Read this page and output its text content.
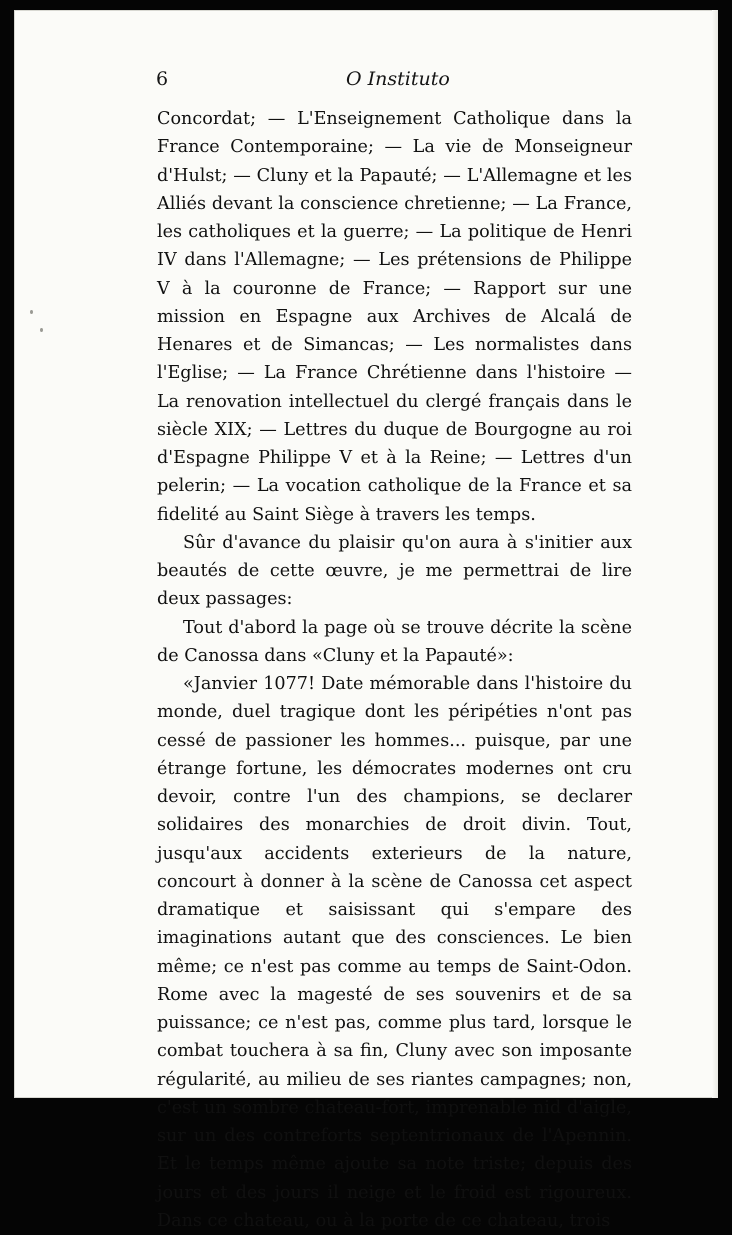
6	O Instituto

Concordat; — L'Enseignement Catholique dans la France Contemporaine; — La vie de Monseigneur d'Hulst; — Cluny et la Papauté; — L'Allemagne et les Alliés devant la conscience chretienne; — La France, les catholiques et la guerre; — La politique de Henri IV dans l'Allemagne; — Les prétensions de Philippe V à la couronne de France; — Rapport sur une mission en Espagne aux Archives de Alcalá de Henares et de Simancas; — Les normalistes dans l'Eglise; — La France Chrétienne dans l'histoire — La renovation intellectuel du clergé français dans le siècle XIX; — Lettres du duque de Bourgogne au roi d'Espagne Philippe V et à la Reine; — Lettres d'un pelerin; — La vocation catholique de la France et sa fidelité au Saint Siège à travers les temps.

Sûr d'avance du plaisir qu'on aura à s'initier aux beautés de cette œuvre, je me permettrai de lire deux passages:

Tout d'abord la page où se trouve décrite la scène de Canossa dans «Cluny et la Papauté»:

«Janvier 1077! Date mémorable dans l'histoire du monde, duel tragique dont les péripéties n'ont pas cessé de passioner les hommes... puisque, par une étrange fortune, les démocrates modernes ont cru devoir, contre l'un des champions, se declarer solidaires des monarchies de droit divin. Tout, jusqu'aux accidents exterieurs de la nature, concourt à donner à la scène de Canossa cet aspect dramatique et saisissant qui s'empare des imaginations autant que des consciences. Le bien même; ce n'est pas comme au temps de Saint-Odon. Rome avec la magesté de ses souvenirs et de sa puissance; ce n'est pas, comme plus tard, lorsque le combat touchera à sa fin, Cluny avec son imposante régularité, au milieu de ses riantes campagnes; non, c'est un sombre chateau-fort, imprenable nid d'aigle, sur un des contreforts septentrionaux de l'Apennin. Et le temps même ajoute sa note triste; depuis des jours et des jours il neige et le froid est rigoureux. Dans ce chateau, ou à la porte de ce chateau, trois
